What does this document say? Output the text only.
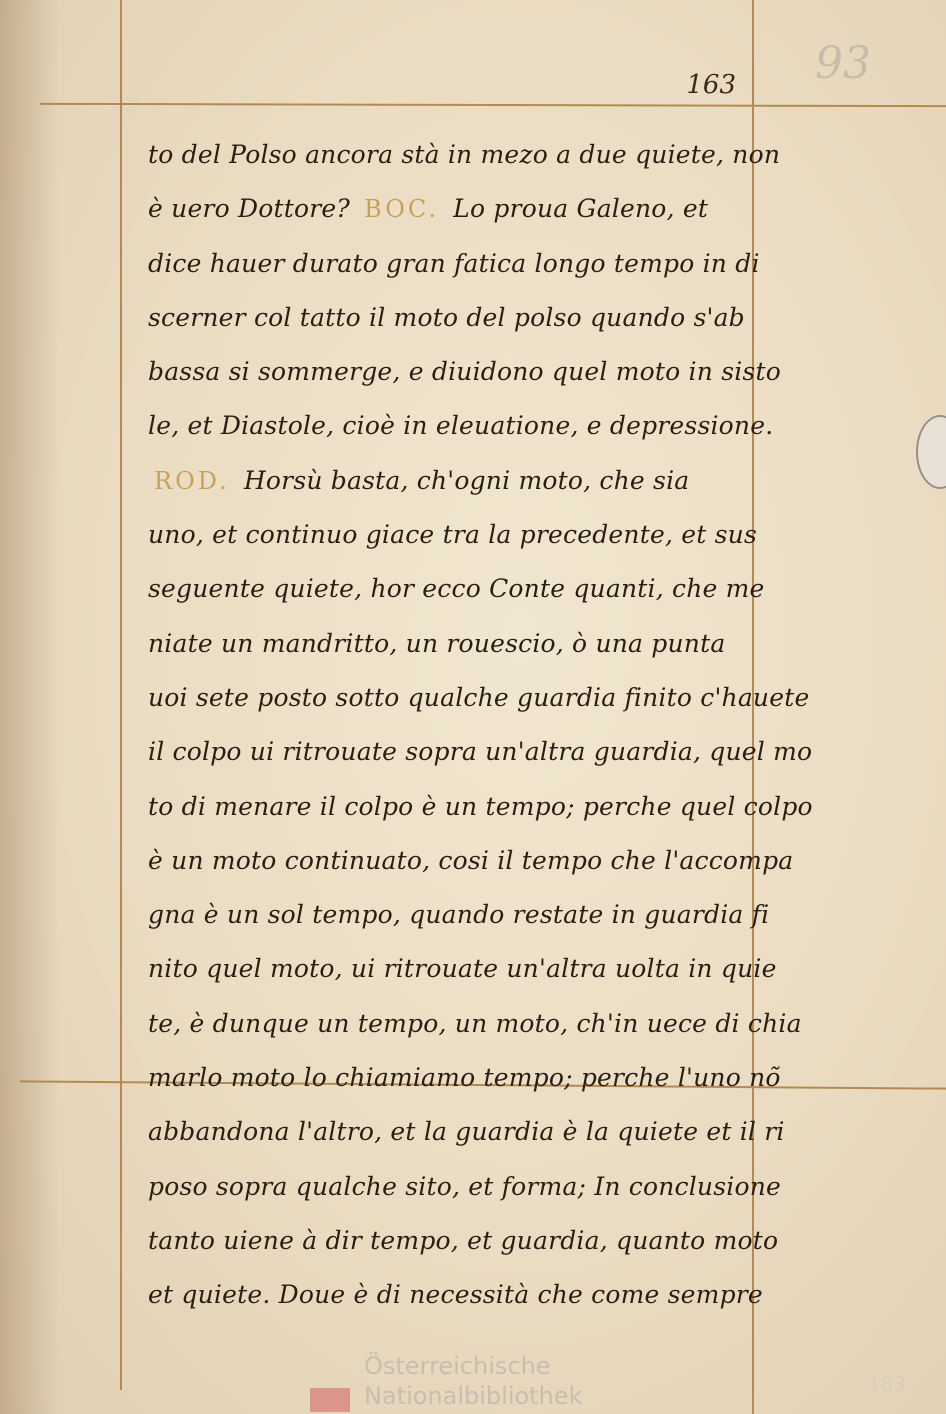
93
163
to del Polso ancora stà in mezo a due quiete, non
è uero Dottore? BOC. Lo proua Galeno, et
dice hauer durato gran fatica longo tempo in di
scerner col tatto il moto del polso quando s'ab
bassa si sommerge, e diuidono quel moto in sisto
le, et Diastole, cioè in eleuatione, e depressione.
ROD. Horsù basta, ch'ogni moto, che sia
uno, et continuo giace tra la precedente, et sus
seguente quiete, hor ecco Conte quanti, che me
niate un mandritto, un rouescio, ò una punta
uoi sete posto sotto qualche guardia finito c'hauete
il colpo ui ritrouate sopra un'altra guardia, quel mo
to di menare il colpo è un tempo; perche quel colpo
è un moto continuato, cosi il tempo che l'accompa
gna è un sol tempo, quando restate in guardia fi
nito quel moto, ui ritrouate un'altra uolta in quie
te, è dunque un tempo, un moto, ch'in uece di chia
marlo moto lo chiamiamo tempo; perche l'uno nõ
abbandona l'altro, et la guardia è la quiete et il ri
poso sopra qualche sito, et forma; In conclusione
tanto uiene à dir tempo, et guardia, quanto moto
et quiete. Doue è di necessità che come sempre
Österreichische
Nationalbibliothek	183
